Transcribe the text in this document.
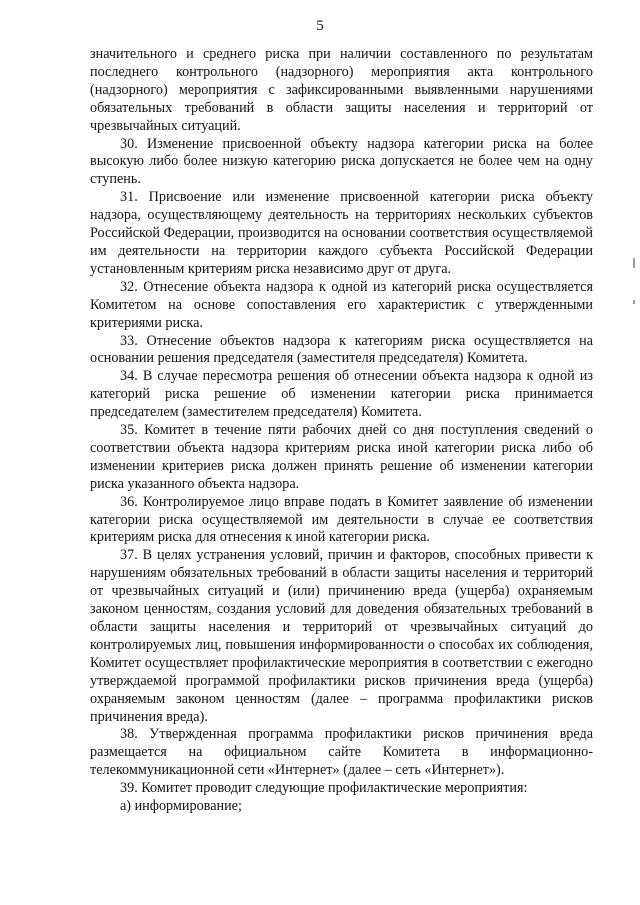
5

значительного и среднего риска при наличии составленного по результатам последнего контрольного (надзорного) мероприятия акта контрольного (надзорного) мероприятия с зафиксированными выявленными нарушениями обязательных требований в области защиты населения и территорий от чрезвычайных ситуаций.

30. Изменение присвоенной объекту надзора категории риска на более высокую либо более низкую категорию риска допускается не более чем на одну ступень.

31. Присвоение или изменение присвоенной категории риска объекту надзора, осуществляющему деятельность на территориях нескольких субъектов Российской Федерации, производится на основании соответствия осуществляемой им деятельности на территории каждого субъекта Российской Федерации установленным критериям риска независимо друг от друга.

32. Отнесение объекта надзора к одной из категорий риска осуществляется Комитетом на основе сопоставления его характеристик с утвержденными критериями риска.

33. Отнесение объектов надзора к категориям риска осуществляется на основании решения председателя (заместителя председателя) Комитета.

34. В случае пересмотра решения об отнесении объекта надзора к одной из категорий риска решение об изменении категории риска принимается председателем (заместителем председателя) Комитета.

35. Комитет в течение пяти рабочих дней со дня поступления сведений о соответствии объекта надзора критериям риска иной категории риска либо об изменении критериев риска должен принять решение об изменении категории риска указанного объекта надзора.

36. Контролируемое лицо вправе подать в Комитет заявление об изменении категории риска осуществляемой им деятельности в случае ее соответствия критериям риска для отнесения к иной категории риска.

37. В целях устранения условий, причин и факторов, способных привести к нарушениям обязательных требований в области защиты населения и территорий от чрезвычайных ситуаций и (или) причинению вреда (ущерба) охраняемым законом ценностям, создания условий для доведения обязательных требований в области защиты населения и территорий от чрезвычайных ситуаций до контролируемых лиц, повышения информированности о способах их соблюдения, Комитет осуществляет профилактические мероприятия в соответствии с ежегодно утверждаемой программой профилактики рисков причинения вреда (ущерба) охраняемым законом ценностям (далее – программа профилактики рисков причинения вреда).

38. Утвержденная программа профилактики рисков причинения вреда размещается на официальном сайте Комитета в информационно-телекоммуникационной сети «Интернет» (далее – сеть «Интернет»).

39. Комитет проводит следующие профилактические мероприятия:

а) информирование;
